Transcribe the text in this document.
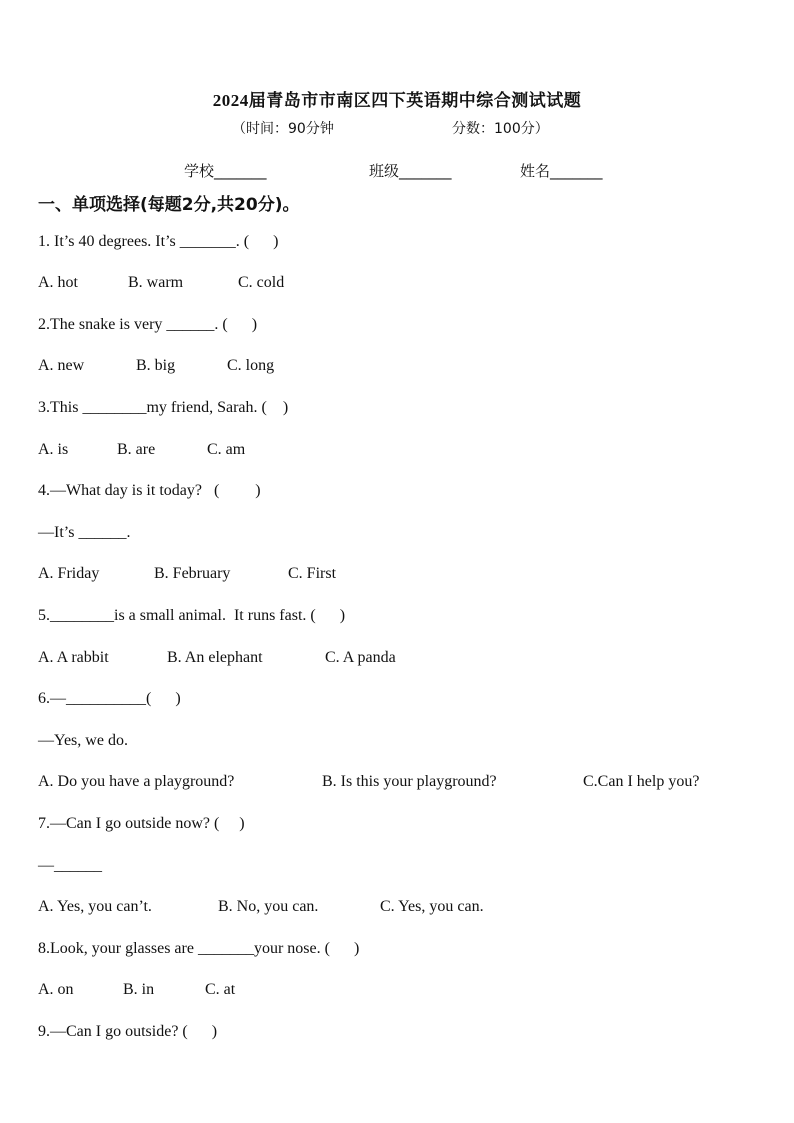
2024届青岛市市南区四下英语期中综合测试试题
（时间：90分钟	分数：100分）
学校_______	班级_______	姓名_______
一、单项选择(每题2分,共20分)。
1. It’s 40 degrees. It’s _______. (      )
A. hot	B. warm	C. cold
2.The snake is very ______. (      )
A. new	B. big	C. long
3.This ________my friend, Sarah. (    )
A. is	B. are	C. am
4.—What day is it today?   (         )
—It’s ______.
A. Friday	B. February	C. First
5.________is a small animal.  It runs fast. (      )
A. A rabbit	B. An elephant	C. A panda
6.—__________(      )
—Yes, we do.
A. Do you have a playground?	B. Is this your playground?	C.Can I help you?
7.—Can I go outside now? (     )
—______
A. Yes, you can’t.	B. No, you can.	C. Yes, you can.
8.Look, your glasses are _______your nose. (      )
A. on	B. in	C. at
9.—Can I go outside? (      )
